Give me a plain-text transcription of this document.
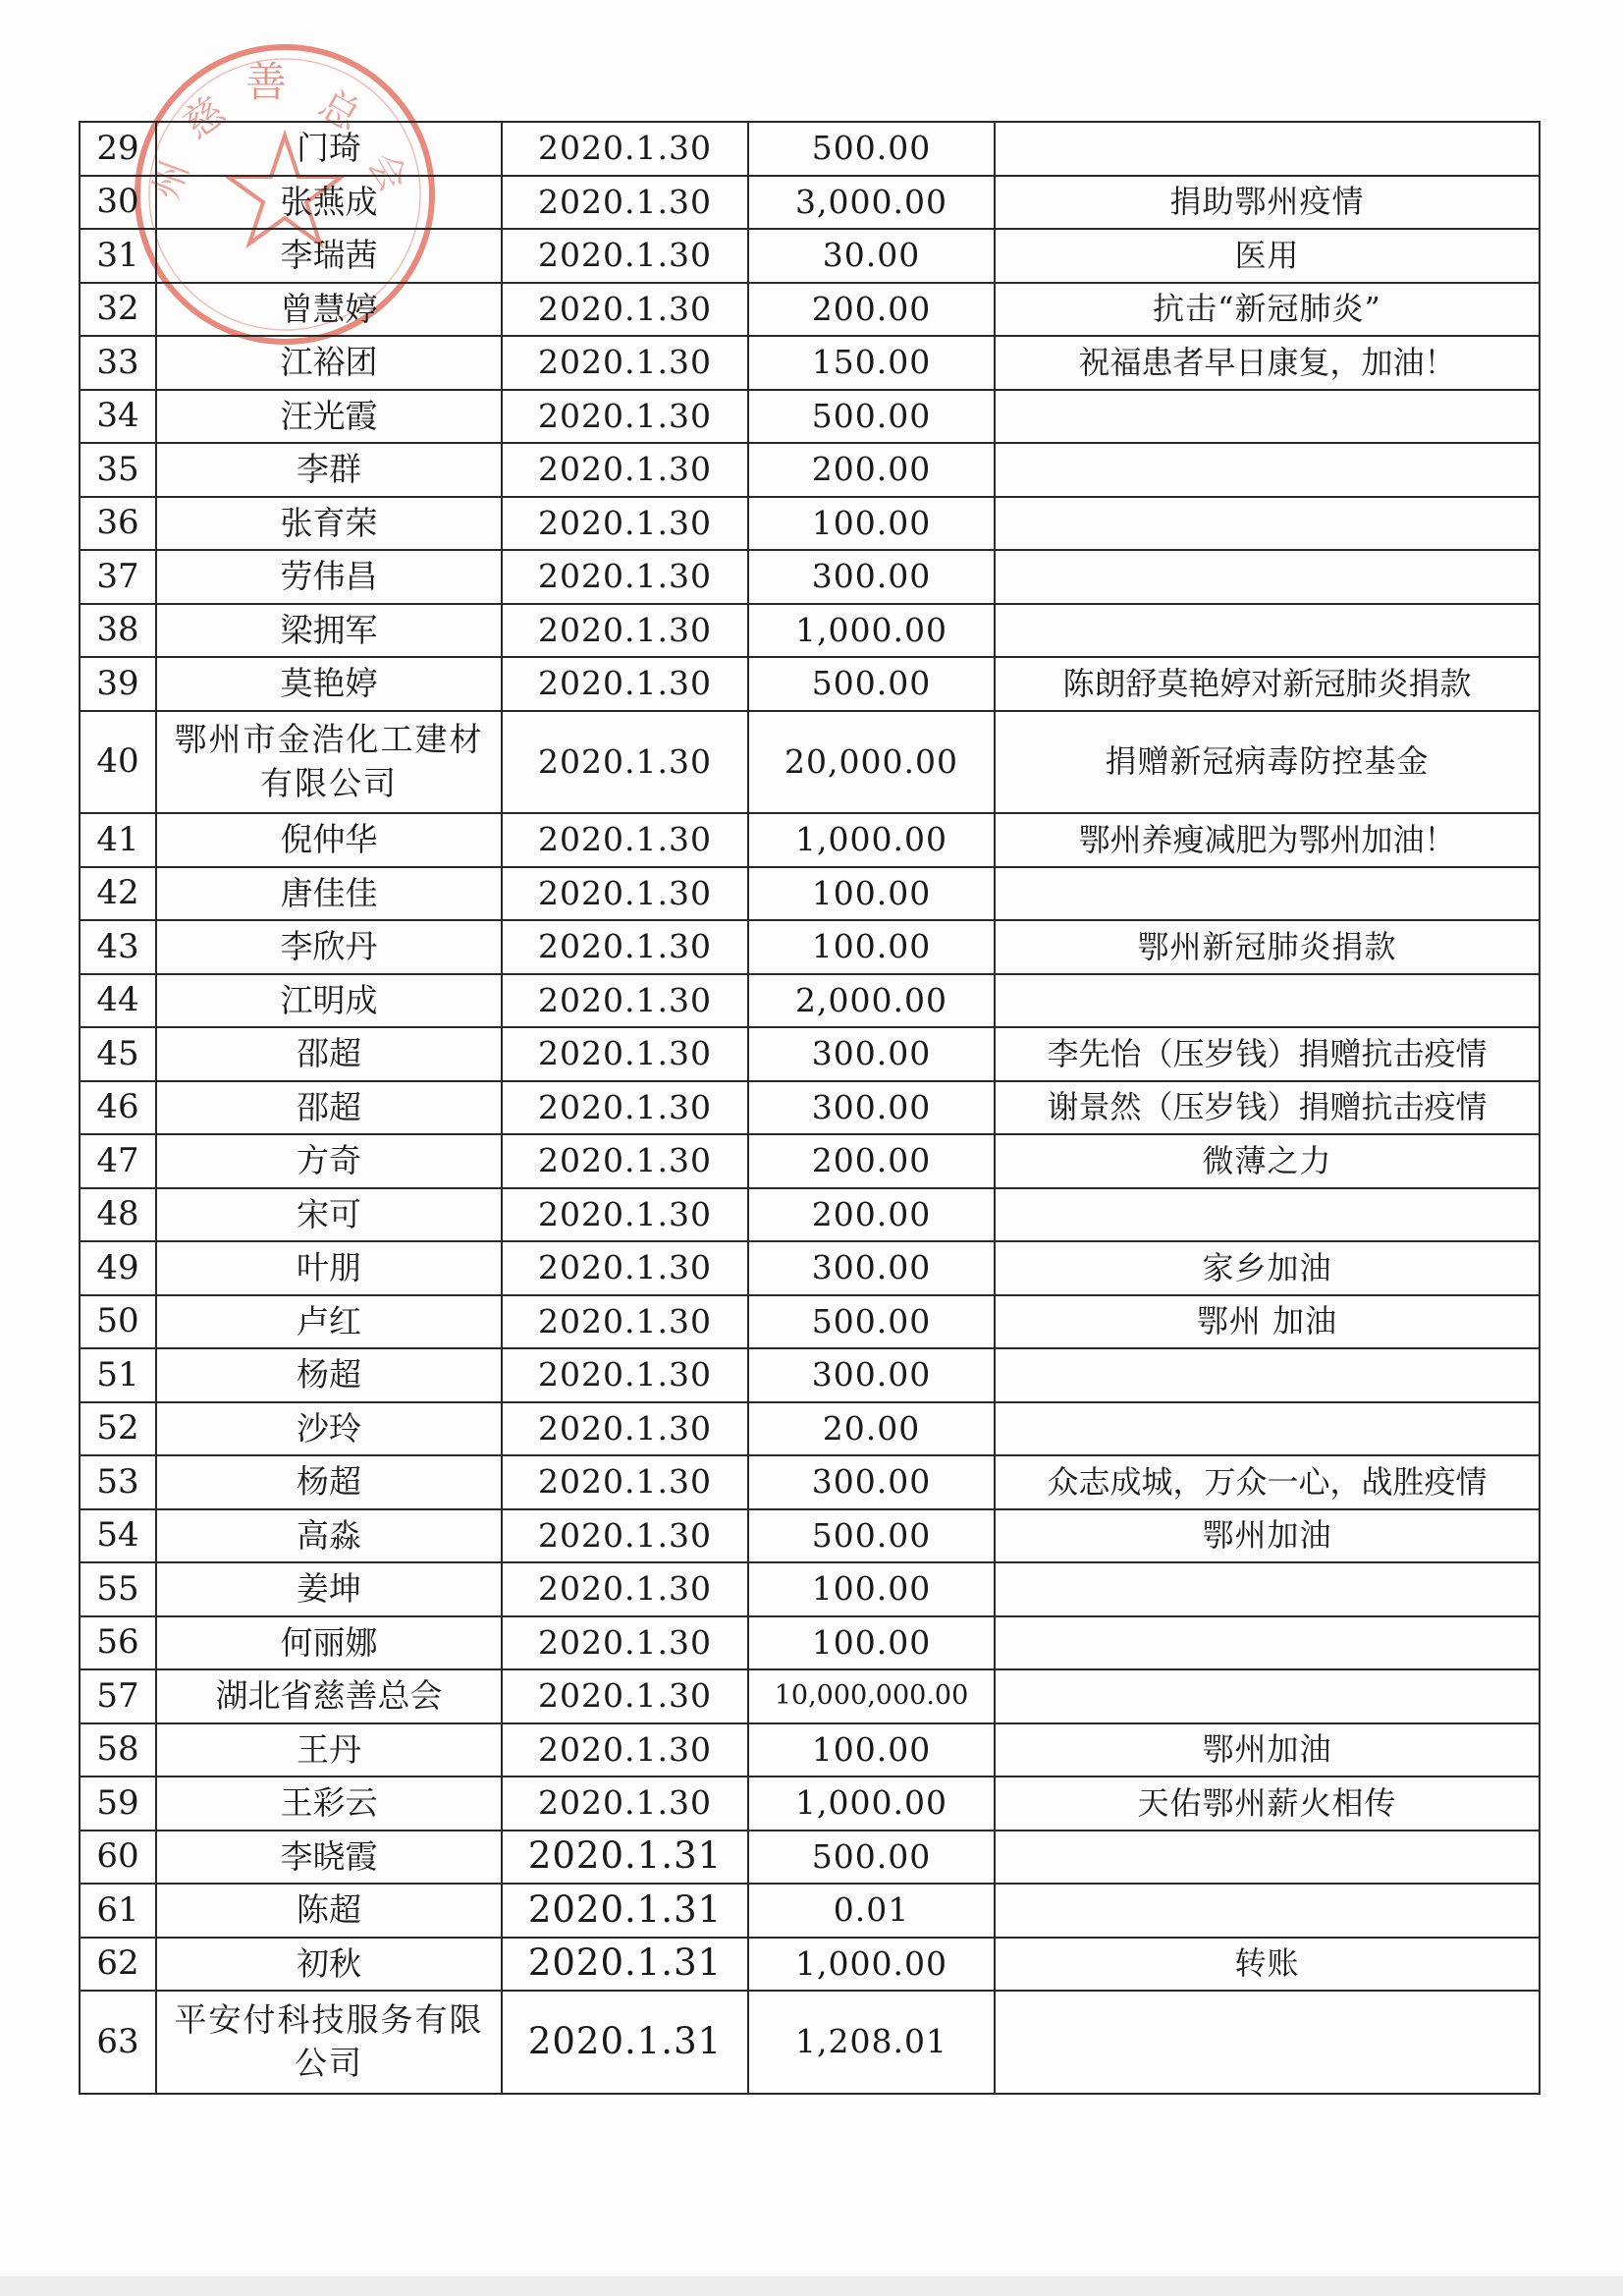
善
慈 总
会
州
29	门琦	2020.1.30	500.00	
30	张燕成	2020.1.30	3,000.00	捐助鄂州疫情
31	李瑞茜	2020.1.30	30.00	医用
32	曾慧婷	2020.1.30	200.00	抗击“新冠肺炎”
33	江裕团	2020.1.30	150.00	祝福患者早日康复，加油！
34	汪光霞	2020.1.30	500.00	
35	李群	2020.1.30	200.00	
36	张育荣	2020.1.30	100.00	
37	劳伟昌	2020.1.30	300.00	
38	梁拥军	2020.1.30	1,000.00	
39	莫艳婷	2020.1.30	500.00	陈朗舒莫艳婷对新冠肺炎捐款
40	鄂州市金浩化工建材有限公司	2020.1.30	20,000.00	捐赠新冠病毒防控基金
41	倪仲华	2020.1.30	1,000.00	鄂州养瘦减肥为鄂州加油！
42	唐佳佳	2020.1.30	100.00	
43	李欣丹	2020.1.30	100.00	鄂州新冠肺炎捐款
44	江明成	2020.1.30	2,000.00	
45	邵超	2020.1.30	300.00	李先怡（压岁钱）捐赠抗击疫情
46	邵超	2020.1.30	300.00	谢景然（压岁钱）捐赠抗击疫情
47	方奇	2020.1.30	200.00	微薄之力
48	宋可	2020.1.30	200.00	
49	叶朋	2020.1.30	300.00	家乡加油
50	卢红	2020.1.30	500.00	鄂州 加油
51	杨超	2020.1.30	300.00	
52	沙玲	2020.1.30	20.00	
53	杨超	2020.1.30	300.00	众志成城，万众一心，战胜疫情
54	高淼	2020.1.30	500.00	鄂州加油
55	姜坤	2020.1.30	100.00	
56	何丽娜	2020.1.30	100.00	
57	湖北省慈善总会	2020.1.30	10,000,000.00	
58	王丹	2020.1.30	100.00	鄂州加油
59	王彩云	2020.1.30	1,000.00	天佑鄂州薪火相传
60	李晓霞	2020.1.31	500.00	
61	陈超	2020.1.31	0.01	
62	初秋	2020.1.31	1,000.00	转账
63	平安付科技服务有限公司	2020.1.31	1,208.01	
